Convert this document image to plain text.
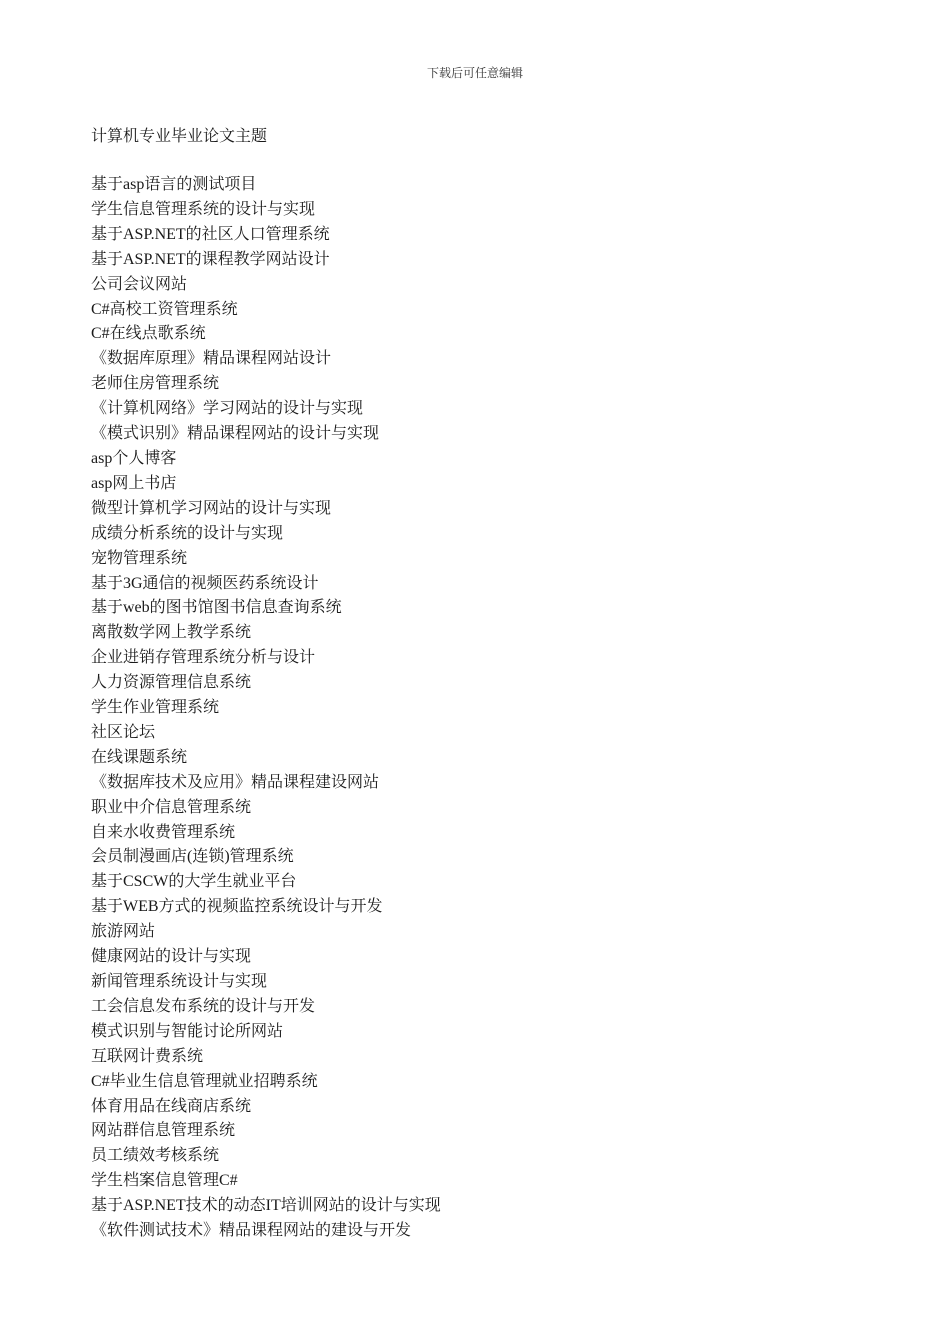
下载后可任意编辑
计算机专业毕业论文主题
基于asp语言的测试项目
学生信息管理系统的设计与实现
基于ASP.NET的社区人口管理系统
基于ASP.NET的课程教学网站设计
公司会议网站
C#高校工资管理系统
C#在线点歌系统
《数据库原理》精品课程网站设计
老师住房管理系统
《计算机网络》学习网站的设计与实现
《模式识别》精品课程网站的设计与实现
asp个人博客
asp网上书店
微型计算机学习网站的设计与实现
成绩分析系统的设计与实现
宠物管理系统
基于3G通信的视频医药系统设计
基于web的图书馆图书信息查询系统
离散数学网上教学系统
企业进销存管理系统分析与设计
人力资源管理信息系统
学生作业管理系统
社区论坛
在线课题系统
《数据库技术及应用》精品课程建设网站
职业中介信息管理系统
自来水收费管理系统
会员制漫画店(连锁)管理系统
基于CSCW的大学生就业平台
基于WEB方式的视频监控系统设计与开发
旅游网站
健康网站的设计与实现
新闻管理系统设计与实现
工会信息发布系统的设计与开发
模式识别与智能讨论所网站
互联网计费系统
C#毕业生信息管理就业招聘系统
体育用品在线商店系统
网站群信息管理系统
员工绩效考核系统
学生档案信息管理C#
基于ASP.NET技术的动态IT培训网站的设计与实现
《软件测试技术》精品课程网站的建设与开发
